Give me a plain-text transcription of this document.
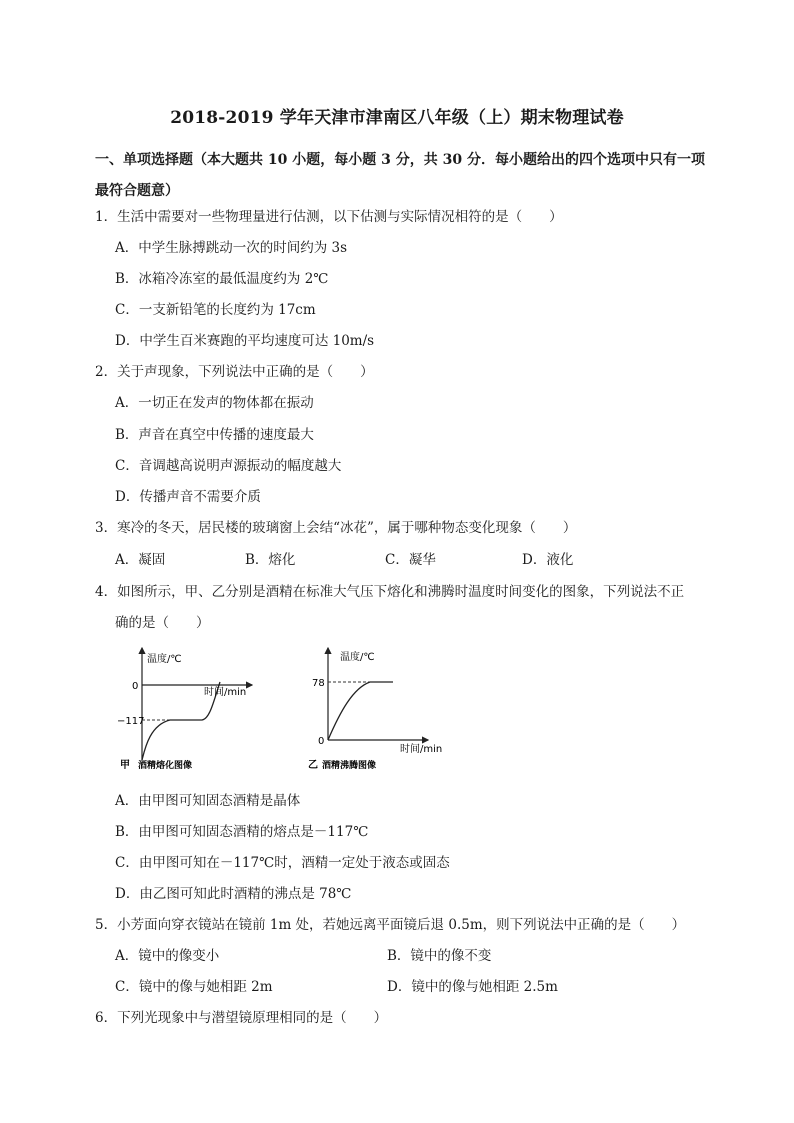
2018-2019 学年天津市津南区八年级（上）期末物理试卷
一、单项选择题（本大题共 10 小题，每小题 3 分，共 30 分．每小题给出的四个选项中只有一项最符合题意）
1．生活中需要对一些物理量进行估测，以下估测与实际情况相符的是（　　）
A．中学生脉搏跳动一次的时间约为 3s
B．冰箱冷冻室的最低温度约为 2℃
C．一支新铅笔的长度约为 17cm
D．中学生百米赛跑的平均速度可达 10m/s
2．关于声现象，下列说法中正确的是（　　）
A．一切正在发声的物体都在振动
B．声音在真空中传播的速度最大
C．音调越高说明声源振动的幅度越大
D．传播声音不需要介质
3．寒冷的冬天，居民楼的玻璃窗上会结“冰花”，属于哪种物态变化现象（　　）
A．凝固	B．熔化	C．凝华	D．液化
4．如图所示，甲、乙分别是酒精在标准大气压下熔化和沸腾时温度时间变化的图象，下列说法不正
确的是（　　）
温度/℃
时间/min
0
−117
甲 酒精熔化图像
温度/℃
时间/min
78
0
乙 酒精沸腾图像
A．由甲图可知固态酒精是晶体
B．由甲图可知固态酒精的熔点是－117℃
C．由甲图可知在－117℃时，酒精一定处于液态或固态
D．由乙图可知此时酒精的沸点是 78℃
5．小芳面向穿衣镜站在镜前 1m 处，若她远离平面镜后退 0.5m，则下列说法中正确的是（　　）
A．镜中的像变小	B．镜中的像不变
C．镜中的像与她相距 2m	D．镜中的像与她相距 2.5m
6．下列光现象中与潜望镜原理相同的是（　　）
